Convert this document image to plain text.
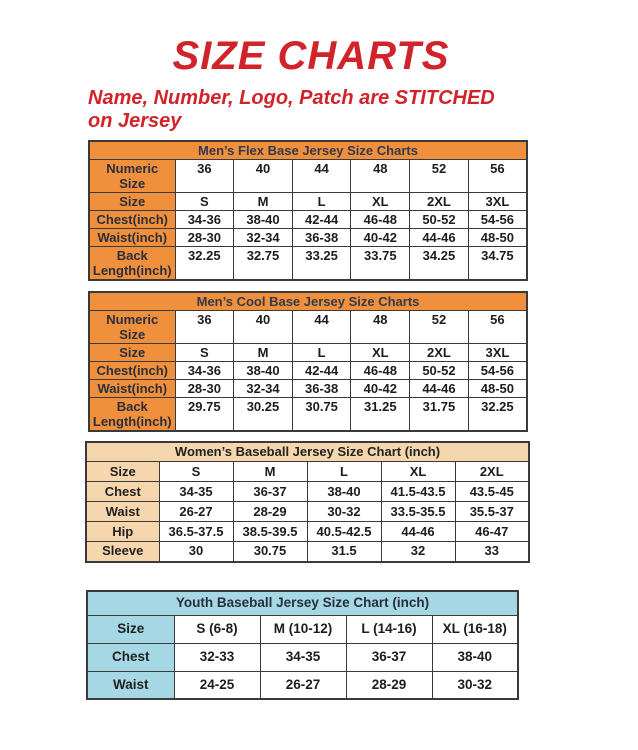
SIZE CHARTS
Name, Number, Logo, Patch are STITCHED
on Jersey
Men’s Flex Base Jersey Size Charts						
Numeric Size	36	40	44	48	52	56
Size	S	M	L	XL	2XL	3XL
Chest(inch)	34-36	38-40	42-44	46-48	50-52	54-56
Waist(inch)	28-30	32-34	36-38	40-42	44-46	48-50
Back Length(inch)	32.25	32.75	33.25	33.75	34.25	34.75
Men’s Cool Base Jersey Size Charts						
Numeric Size	36	40	44	48	52	56
Size	S	M	L	XL	2XL	3XL
Chest(inch)	34-36	38-40	42-44	46-48	50-52	54-56
Waist(inch)	28-30	32-34	36-38	40-42	44-46	48-50
Back Length(inch)	29.75	30.25	30.75	31.25	31.75	32.25
Women’s Baseball Jersey Size Chart (inch)					
Size	S	M	L	XL	2XL
Chest	34-35	36-37	38-40	41.5-43.5	43.5-45
Waist	26-27	28-29	30-32	33.5-35.5	35.5-37
Hip	36.5-37.5	38.5-39.5	40.5-42.5	44-46	46-47
Sleeve	30	30.75	31.5	32	33
Youth Baseball Jersey Size Chart (inch)				
Size	S (6-8)	M (10-12)	L (14-16)	XL (16-18)
Chest	32-33	34-35	36-37	38-40
Waist	24-25	26-27	28-29	30-32
